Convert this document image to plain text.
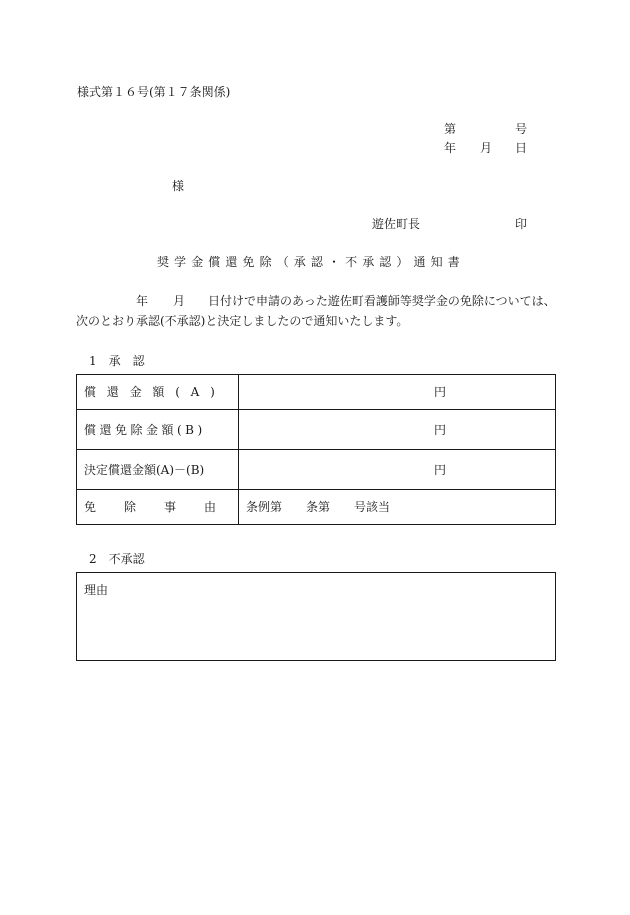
様式第１６号(第１７条関係)
第	号
年 月 日
様
遊佐町長	印
奨学金償還免除（承認・不承認）通知書
年 月 日付けで申請のあった遊佐町看護師等奨学金の免除については、
次のとおり承認(不承認)と決定しましたので通知いたします。
1　承　認
償還金額(A)	円
償還免除金額(B)	円
決定償還金額(A)－(B)	円
免除事由	条例第　　条第　　号該当
2　不承認
理由
